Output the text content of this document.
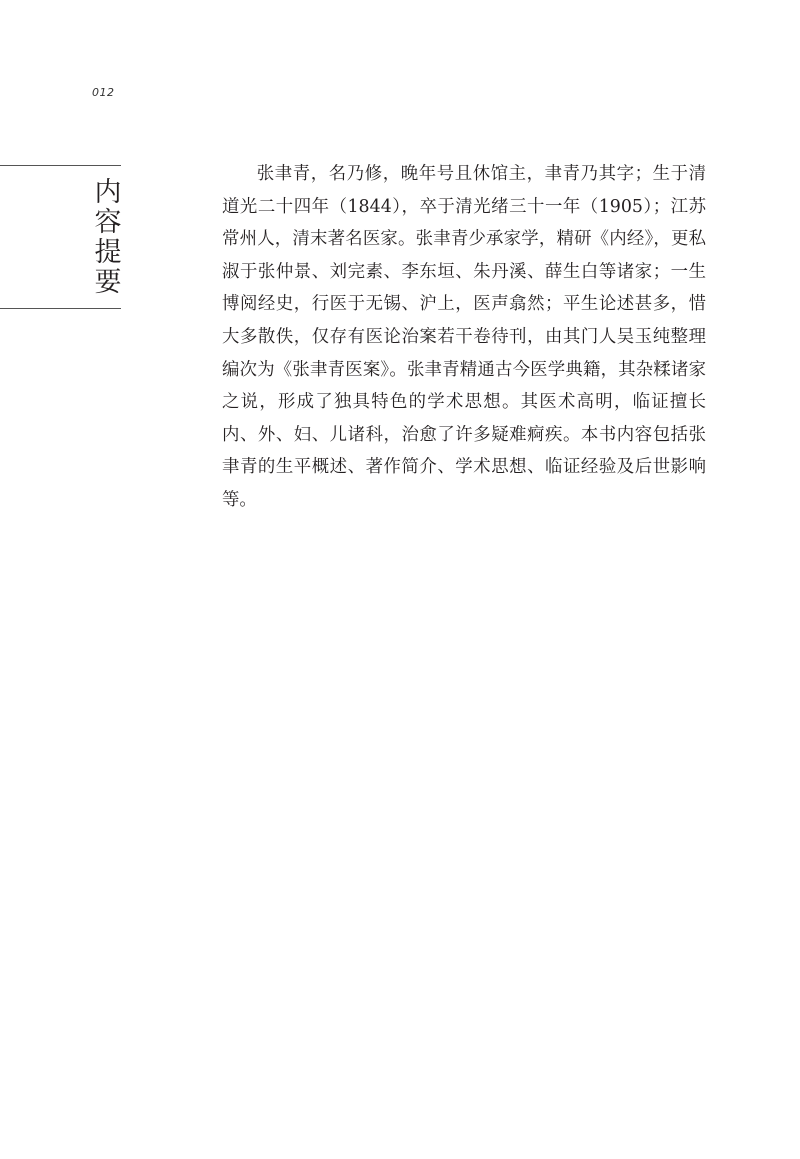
012
内
容
提
要

张聿青，名乃修，晚年号且休馆主，聿青乃其字；生于清道光二十四年（1844），卒于清光绪三十一年（1905）；江苏常州人，清末著名医家。张聿青少承家学，精研《内经》，更私淑于张仲景、刘完素、李东垣、朱丹溪、薛生白等诸家；一生博阅经史，行医于无锡、沪上，医声翕然；平生论述甚多，惜大多散佚，仅存有医论治案若干卷待刊，由其门人吴玉纯整理编次为《张聿青医案》。张聿青精通古今医学典籍，其杂糅诸家之说，形成了独具特色的学术思想。其医术高明，临证擅长内、外、妇、儿诸科，治愈了许多疑难痾疾。本书内容包括张聿青的生平概述、著作简介、学术思想、临证经验及后世影响等。
